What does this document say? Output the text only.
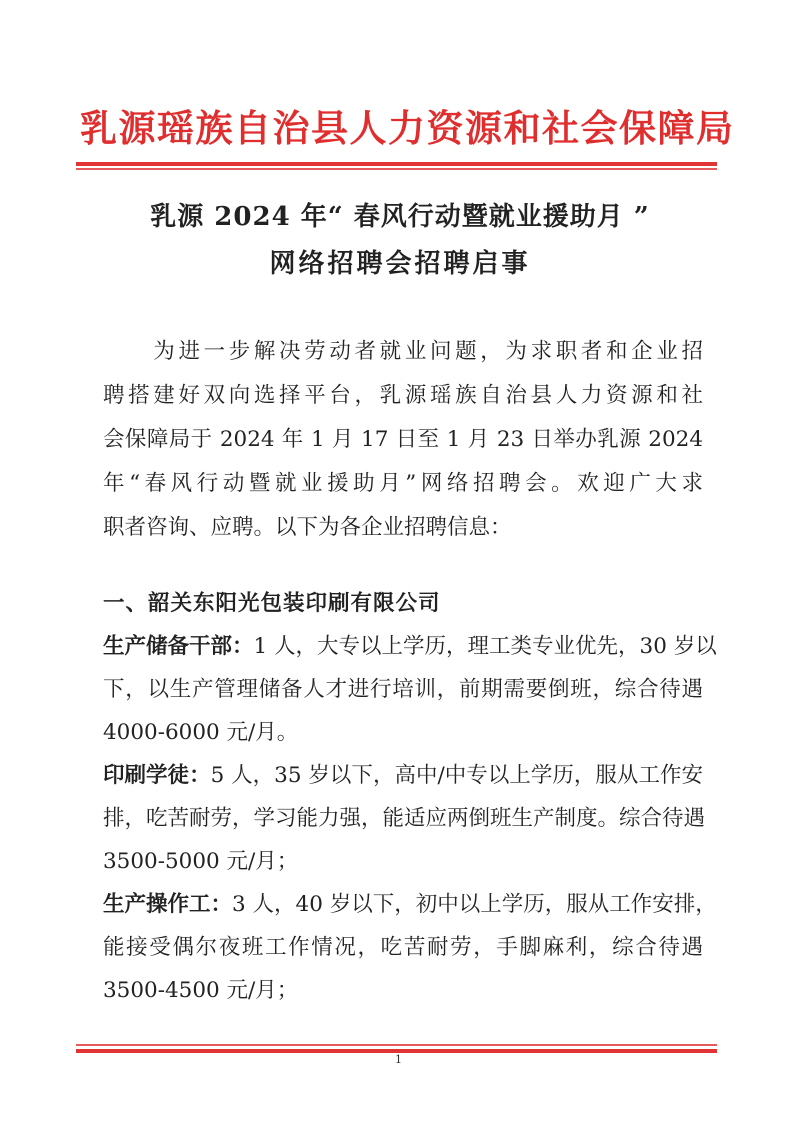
乳源瑶族自治县人力资源和社会保障局
乳源 2024 年“ 春风行动暨就业援助月 ”
网络招聘会招聘启事
　　为进一步解决劳动者就业问题，为求职者和企业招
聘搭建好双向选择平台，乳源瑶族自治县人力资源和社
会保障局于 2024 年 1 月 17 日至 1 月 23 日举办乳源 2024
年“春风行动暨就业援助月”网络招聘会。欢迎广大求
职者咨询、应聘。以下为各企业招聘信息：
一、韶关东阳光包装印刷有限公司
生产储备干部：1 人，大专以上学历，理工类专业优先，30 岁以
下，以生产管理储备人才进行培训，前期需要倒班，综合待遇
4000-6000 元/月。
印刷学徒：5 人，35 岁以下，高中/中专以上学历，服从工作安
排，吃苦耐劳，学习能力强，能适应两倒班生产制度。综合待遇
3500-5000 元/月；
生产操作工：3 人，40 岁以下，初中以上学历，服从工作安排，
能接受偶尔夜班工作情况，吃苦耐劳，手脚麻利，综合待遇
3500-4500 元/月；
1
